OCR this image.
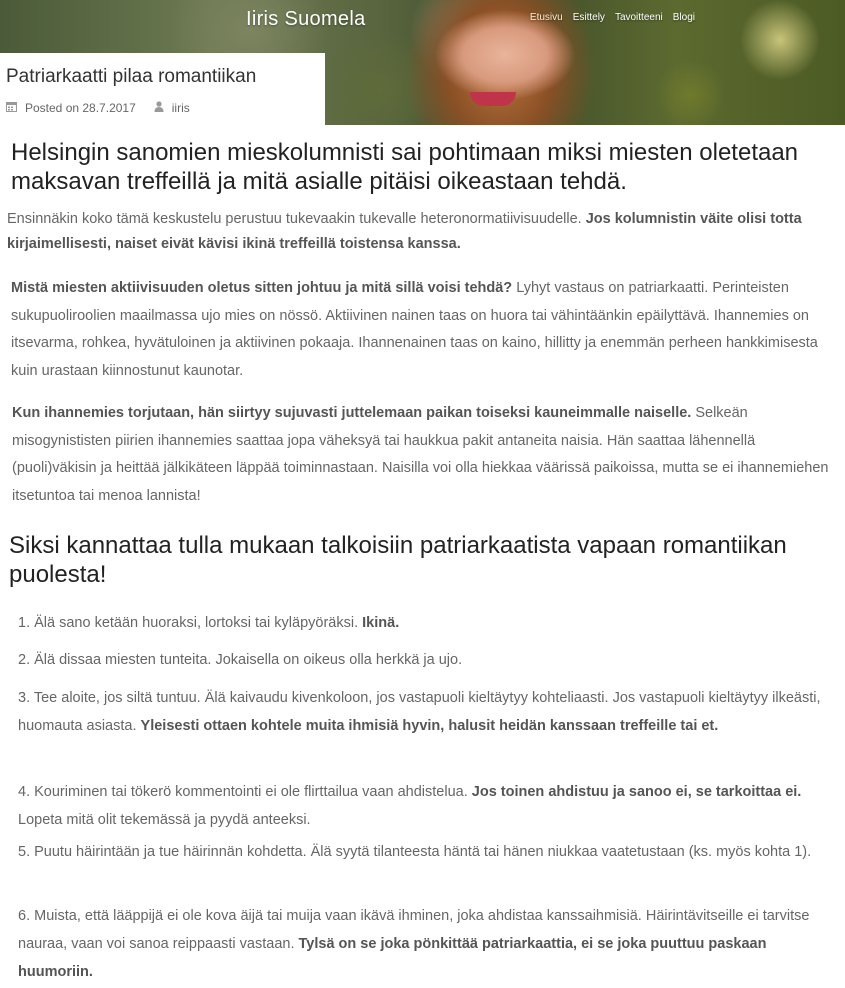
Iiris Suomela	Etusivu Esittely Tavoitteeni Blogi
Patriarkaatti pilaa romantiikan
Posted on 28.7.2017	iiris
Helsingin sanomien mieskolumnisti sai pohtimaan miksi miesten oletetaan maksavan treffeillä ja mitä asialle pitäisi oikeastaan tehdä.

Ensinnäkin koko tämä keskustelu perustuu tukevaakin tukevalle heteronormatiivisuudelle. Jos kolumnistin väite olisi totta kirjaimellisesti, naiset eivät kävisi ikinä treffeillä toistensa kanssa.

Mistä miesten aktiivisuuden oletus sitten johtuu ja mitä sillä voisi tehdä? Lyhyt vastaus on patriarkaatti. Perinteisten sukupuoliroolien maailmassa ujo mies on nössö. Aktiivinen nainen taas on huora tai vähintäänkin epäilyttävä. Ihannemies on itsevarma, rohkea, hyvätuloinen ja aktiivinen pokaaja. Ihannenainen taas on kaino, hillitty ja enemmän perheen hankkimisesta kuin urastaan kiinnostunut kaunotar.

Kun ihannemies torjutaan, hän siirtyy sujuvasti juttelemaan paikan toiseksi kauneimmalle naiselle. Selkeän misogynististen piirien ihannemies saattaa jopa väheksyä tai haukkua pakit antaneita naisia. Hän saattaa lähennellä (puoli)väkisin ja heittää jälkikäteen läppää toiminnastaan. Naisilla voi olla hiekkaa väärissä paikoissa, mutta se ei ihannemiehen itsetuntoa tai menoa lannista!

Siksi kannattaa tulla mukaan talkoisiin patriarkaatista vapaan romantiikan puolesta!

1. Älä sano ketään huoraksi, lortoksi tai kyläpyöräksi. Ikinä.

2. Älä dissaa miesten tunteita. Jokaisella on oikeus olla herkkä ja ujo.

3. Tee aloite, jos siltä tuntuu. Älä kaivaudu kivenkoloon, jos vastapuoli kieltäytyy kohteliaasti. Jos vastapuoli kieltäytyy ilkeästi, huomauta asiasta. Yleisesti ottaen kohtele muita ihmisiä hyvin, halusit heidän kanssaan treffeille tai et.

4. Kouriminen tai tökerö kommentointi ei ole flirttailua vaan ahdistelua. Jos toinen ahdistuu ja sanoo ei, se tarkoittaa ei. Lopeta mitä olit tekemässä ja pyydä anteeksi.

5. Puutu häirintään ja tue häirinnän kohdetta. Älä syytä tilanteesta häntä tai hänen niukkaa vaatetustaan (ks. myös kohta 1).

6. Muista, että lääppijä ei ole kova äijä tai muija vaan ikävä ihminen, joka ahdistaa kanssaihmisiä. Häirintävitseille ei tarvitse nauraa, vaan voi sanoa reippaasti vastaan. Tylsä on se joka pönkittää patriarkaattia, ei se joka puuttuu paskaan huumoriin.
